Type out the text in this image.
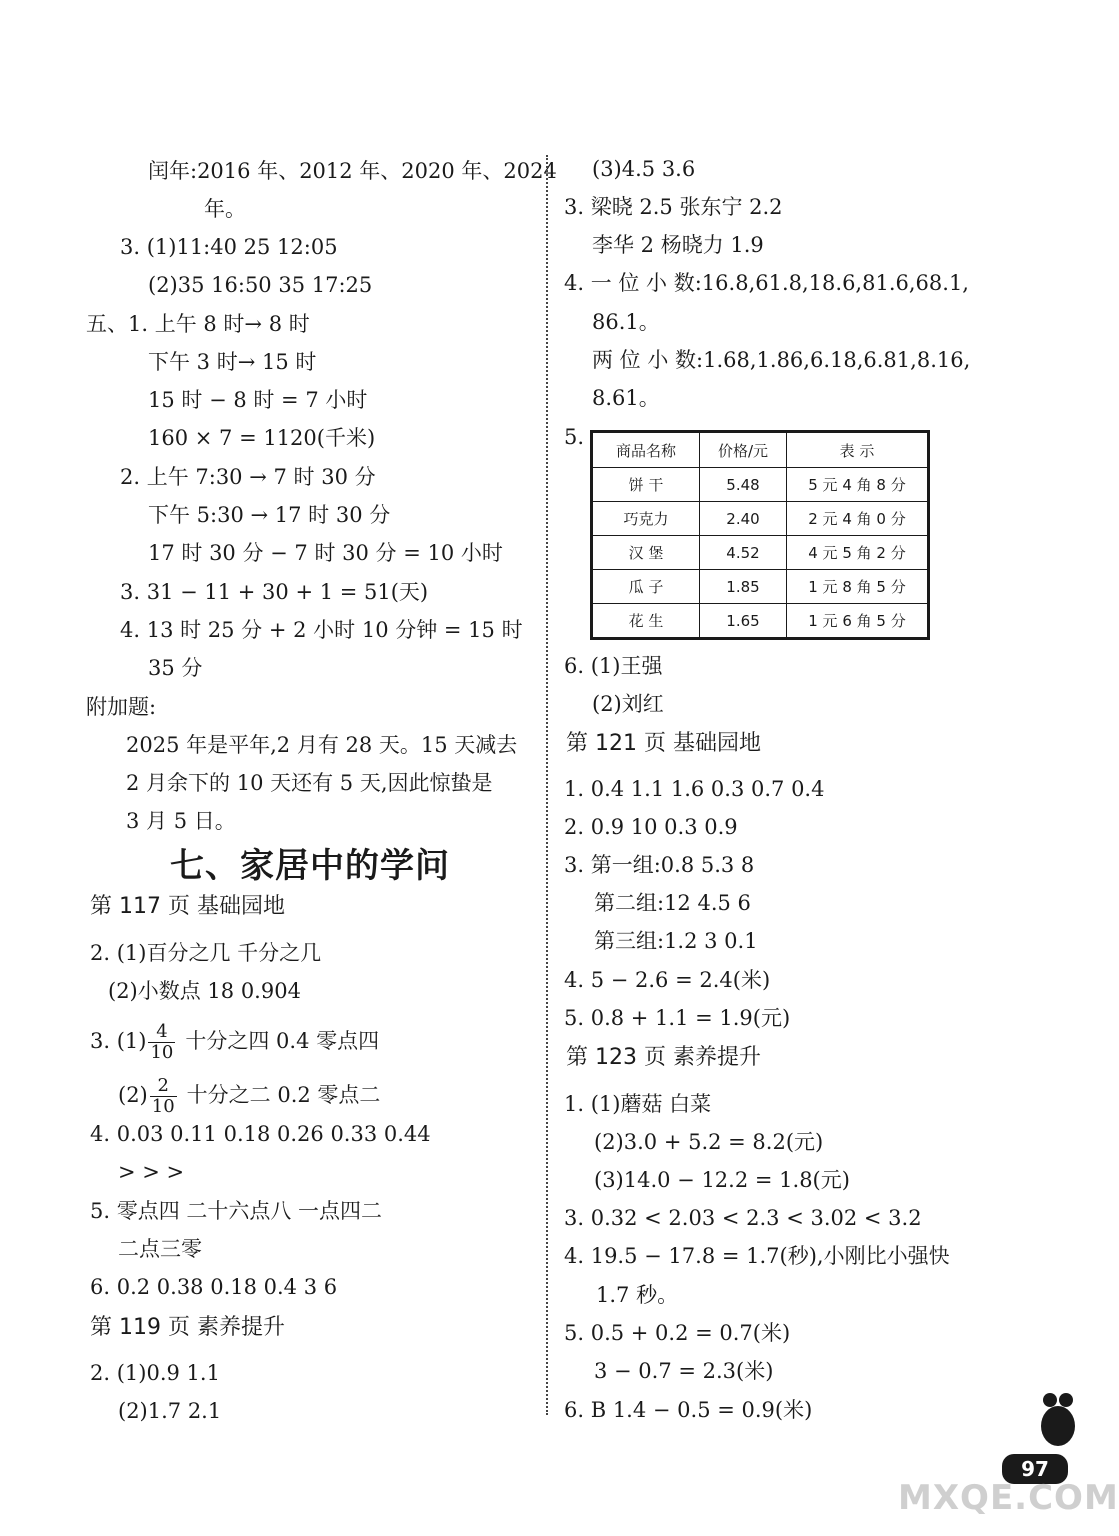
闰年:2016 年、2012 年、2020 年、2024
年。
3. (1)11:40 25 12:05
(2)35 16:50 35 17:25
五、1. 上午 8 时→ 8 时
下午 3 时→ 15 时
15 时 − 8 时 = 7 小时
160 × 7 = 1120(千米)
2. 上午 7:30 → 7 时 30 分
下午 5:30 → 17 时 30 分
17 时 30 分 − 7 时 30 分 = 10 小时
3. 31 − 11 + 30 + 1 = 51(天)
4. 13 时 25 分 + 2 小时 10 分钟 = 15 时
35 分
附加题:
2025 年是平年,2 月有 28 天。15 天减去
2 月余下的 10 天还有 5 天,因此惊蛰是
3 月 5 日。
七、家居中的学问
第 117 页 基础园地
2. (1)百分之几 千分之几
(2)小数点 18 0.904
3. $(1) \frac{4}{10}$ 十分之四 0.4 零点四
$(2) \frac{2}{10}$ 十分之二 0.2 零点二
4. 0.03 0.11 0.18 0.26 0.33 0.44
> > >
5. 零点四 二十六点八 一点四二
二点三零
6. 0.2 0.38 0.18 0.4 3 6
第 119 页 素养提升
2. (1)0.9 1.1
(2)1.7 2.1
(3)4.5 3.6
3. 梁晓 2.5 张东宁 2.2
李华 2 杨晓力 1.9
4. 一 位 小 数:16.8,61.8,18.6,81.6,68.1,
86.1。
两 位 小 数:1.68,1.86,6.18,6.81,8.16,
8.61。
5.
商品名称	价格/元	表 示
饼 干	5.48	5 元 4 角 8 分
巧克力	2.40	2 元 4 角 0 分
汉 堡	4.52	4 元 5 角 2 分
瓜 子	1.85	1 元 8 角 5 分
花 生	1.65	1 元 6 角 5 分
6. (1)王强
(2)刘红
第 121 页 基础园地
1. 0.4 1.1 1.6 0.3 0.7 0.4
2. 0.9 10 0.3 0.9
3. 第一组:0.8 5.3 8
第二组:12 4.5 6
第三组:1.2 3 0.1
4. 5 − 2.6 = 2.4(米)
5. 0.8 + 1.1 = 1.9(元)
第 123 页 素养提升
1. (1)蘑菇 白菜
(2)3.0 + 5.2 = 8.2(元)
(3)14.0 − 12.2 = 1.8(元)
3. 0.32 < 2.03 < 2.3 < 3.02 < 3.2
4. 19.5 − 17.8 = 1.7(秒),小刚比小强快
1.7 秒。
5. 0.5 + 0.2 = 0.7(米)
3 − 0.7 = 2.3(米)
6. B 1.4 − 0.5 = 0.9(米)
97
MXQE.COM
